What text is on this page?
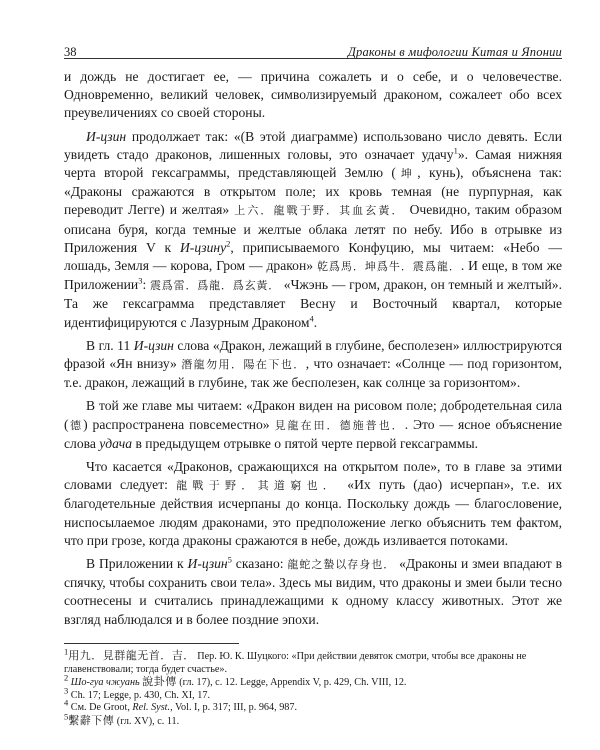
38	Драконы в мифологии Китая и Японии

и дождь не достигает ее, — причина сожалеть и о себе, и о человечестве. Одновременно, великий человек, символизируемый драконом, сожалеет обо всех преувеличениях со своей стороны.

И-цзин продолжает так: «(В этой диаграмме) использовано число девять. Если увидеть стадо драконов, лишенных головы, это означает удачу$^1$». Самая нижняя черта второй гексаграммы, представляющей Землю (坤, кунь), объяснена так: «Драконы сражаются в открытом поле; их кровь темная (не пурпурная, как переводит Легге) и желтая» 上六．龍戰于野．其血玄黃． Очевидно, таким образом описана буря, когда темные и желтые облака летят по небу. Ибо в отрывке из Приложения V к И-цзину$^2$, приписываемого Конфуцию, мы читаем: «Небо — лошадь, Земля — корова, Гром — дракон» 乾爲馬．坤爲牛．震爲龍．. И еще, в том же Приложении$^3$: 震爲雷．爲龍．爲玄黃． «Чжэнь — гром, дракон, он темный и желтый». Та же гексаграмма представляет Весну и Восточный квартал, которые идентифицируются с Лазурным Драконом$^4$.

В гл. 11 И-цзин слова «Дракон, лежащий в глубине, бесполезен» иллюстрируются фразой «Ян внизу» 潛龍勿用．陽在下也．, что означает: «Солнце — под горизонтом, т.е. дракон, лежащий в глубине, так же бесполезен, как солнце за горизонтом».

В той же главе мы читаем: «Дракон виден на рисовом поле; добродетельная сила (德) распространена повсеместно» 見龍在田．德施普也．. Это — ясное объяснение слова удача в предыдущем отрывке о пятой черте первой гексаграммы.

Что касается «Драконов, сражающихся на открытом поле», то в главе за этими словами следует: 龍戰于野．其道窮也． «Их путь (дао) исчерпан», т.е. их благодетельные действия исчерпаны до конца. Поскольку дождь — благословение, ниспосылаемое людям драконами, это предположение легко объяснить тем фактом, что при грозе, когда драконы сражаются в небе, дождь изливается потоками.

В Приложении к И-цзин$^5$ сказано: 龍蛇之蟄以存身也． «Драконы и змеи впадают в спячку, чтобы сохранить свои тела». Здесь мы видим, что драконы и змеи были тесно соотнесены и считались принадлежащими к одному классу животных. Этот же взгляд наблюдался и в более поздние эпохи.

$^1$用九．見群龍无首．吉． Пер. Ю. К. Шуцкого: «При действии девяток смотри, чтобы все драконы не главенствовали; тогда будет счастье».
$^2$ Шо-гуа чжуань 說卦傳 (гл. 17), с. 12. Legge, Appendix V, p. 429, Ch. VIII, 12.
$^3$ Ch. 17; Legge, p. 430, Ch. XI, 17.
$^4$ См. De Groot, Rel. Syst., Vol. I, p. 317; III, p. 964, 987.
$^5$繫辭下傳 (гл. XV), с. 11.
